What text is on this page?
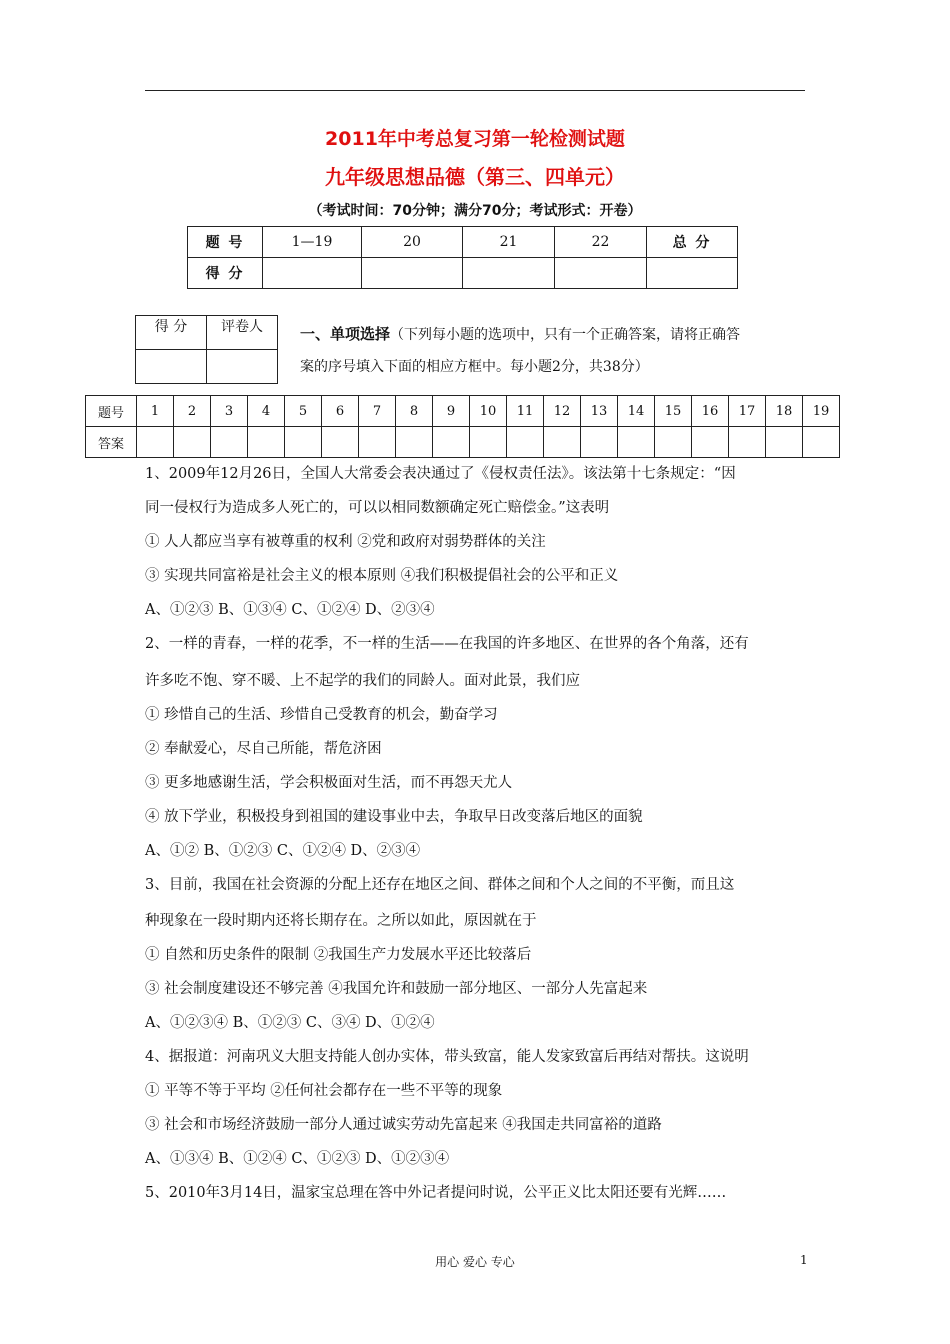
2011年中考总复习第一轮检测试题
九年级思想品德（第三、四单元）
（考试时间：70分钟；满分70分；考试形式：开卷）
题 号	1—19	20	21	22	总 分
得 分					
得 分	评卷人
	一、单项选择（下列每小题的选项中，只有一个正确答案，请将正确答
案的序号填入下面的相应方框中。每小题2分，共38分）
题号	1	2	3	4	5	6	7	8	9	10	11	12	13	14	15	16	17	18	19
答案																			
1、2009年12月26日，全国人大常委会表决通过了《侵权责任法》。该法第十七条规定：“因
同一侵权行为造成多人死亡的，可以以相同数额确定死亡赔偿金。”这表明
① 人人都应当享有被尊重的权利 ②党和政府对弱势群体的关注
③ 实现共同富裕是社会主义的根本原则 ④我们积极提倡社会的公平和正义
A、①②③ B、①③④ C、①②④ D、②③④
2、一样的青春，一样的花季，不一样的生活——在我国的许多地区、在世界的各个角落，还有
许多吃不饱、穿不暖、上不起学的我们的同龄人。面对此景，我们应
① 珍惜自己的生活、珍惜自己受教育的机会，勤奋学习
② 奉献爱心，尽自己所能，帮危济困
③ 更多地感谢生活，学会积极面对生活，而不再怨天尤人
④ 放下学业，积极投身到祖国的建设事业中去，争取早日改变落后地区的面貌
A、①② B、①②③ C、①②④ D、②③④
3、目前，我国在社会资源的分配上还存在地区之间、群体之间和个人之间的不平衡，而且这
种现象在一段时期内还将长期存在。之所以如此，原因就在于
① 自然和历史条件的限制 ②我国生产力发展水平还比较落后
③ 社会制度建设还不够完善 ④我国允许和鼓励一部分地区、一部分人先富起来
A、①②③④ B、①②③ C、③④ D、①②④
4、据报道：河南巩义大胆支持能人创办实体，带头致富，能人发家致富后再结对帮扶。这说明
① 平等不等于平均 ②任何社会都存在一些不平等的现象
③ 社会和市场经济鼓励一部分人通过诚实劳动先富起来 ④我国走共同富裕的道路
A、①③④ B、①②④ C、①②③ D、①②③④
5、2010年3月14日，温家宝总理在答中外记者提问时说，公平正义比太阳还要有光辉……
用心 爱心 专心	1
